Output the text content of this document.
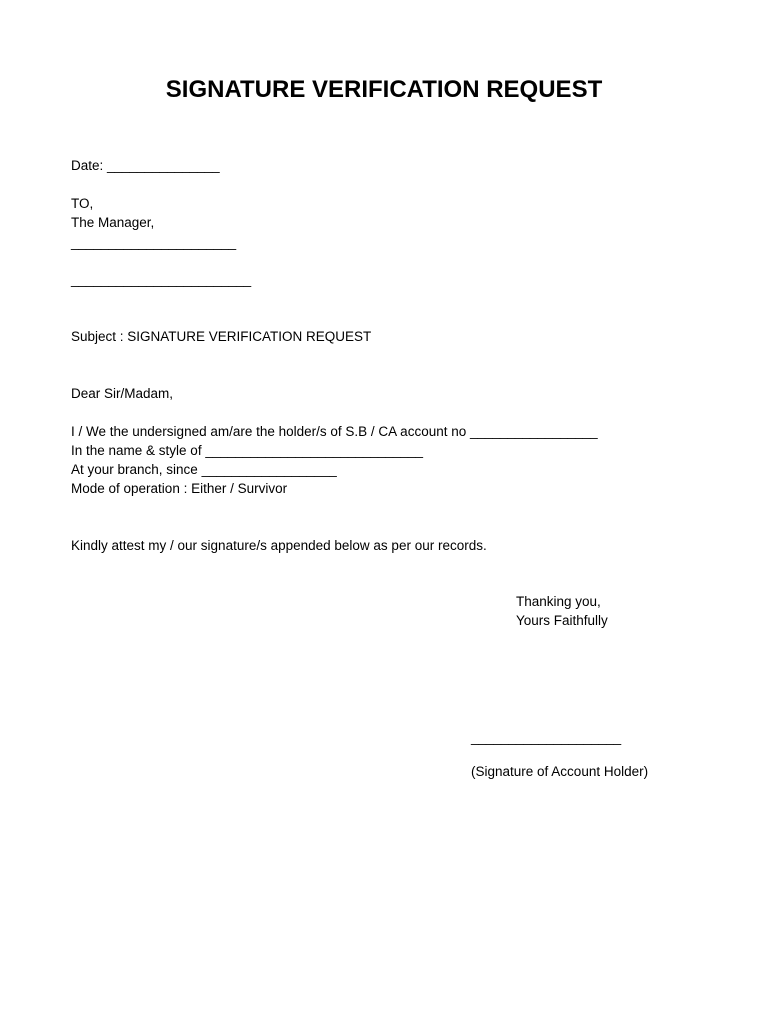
SIGNATURE VERIFICATION REQUEST
Date: _______________
TO,
The Manager,
______________________
________________________
Subject : SIGNATURE VERIFICATION REQUEST
Dear Sir/Madam,
I / We the undersigned am/are the holder/s of S.B / CA account no _________________
In the name & style of _____________________________
At your branch, since __________________
Mode of operation : Either / Survivor
Kindly attest my / our signature/s appended below as per our records.
Thanking you,
Yours Faithfully
____________________
(Signature of Account Holder)
